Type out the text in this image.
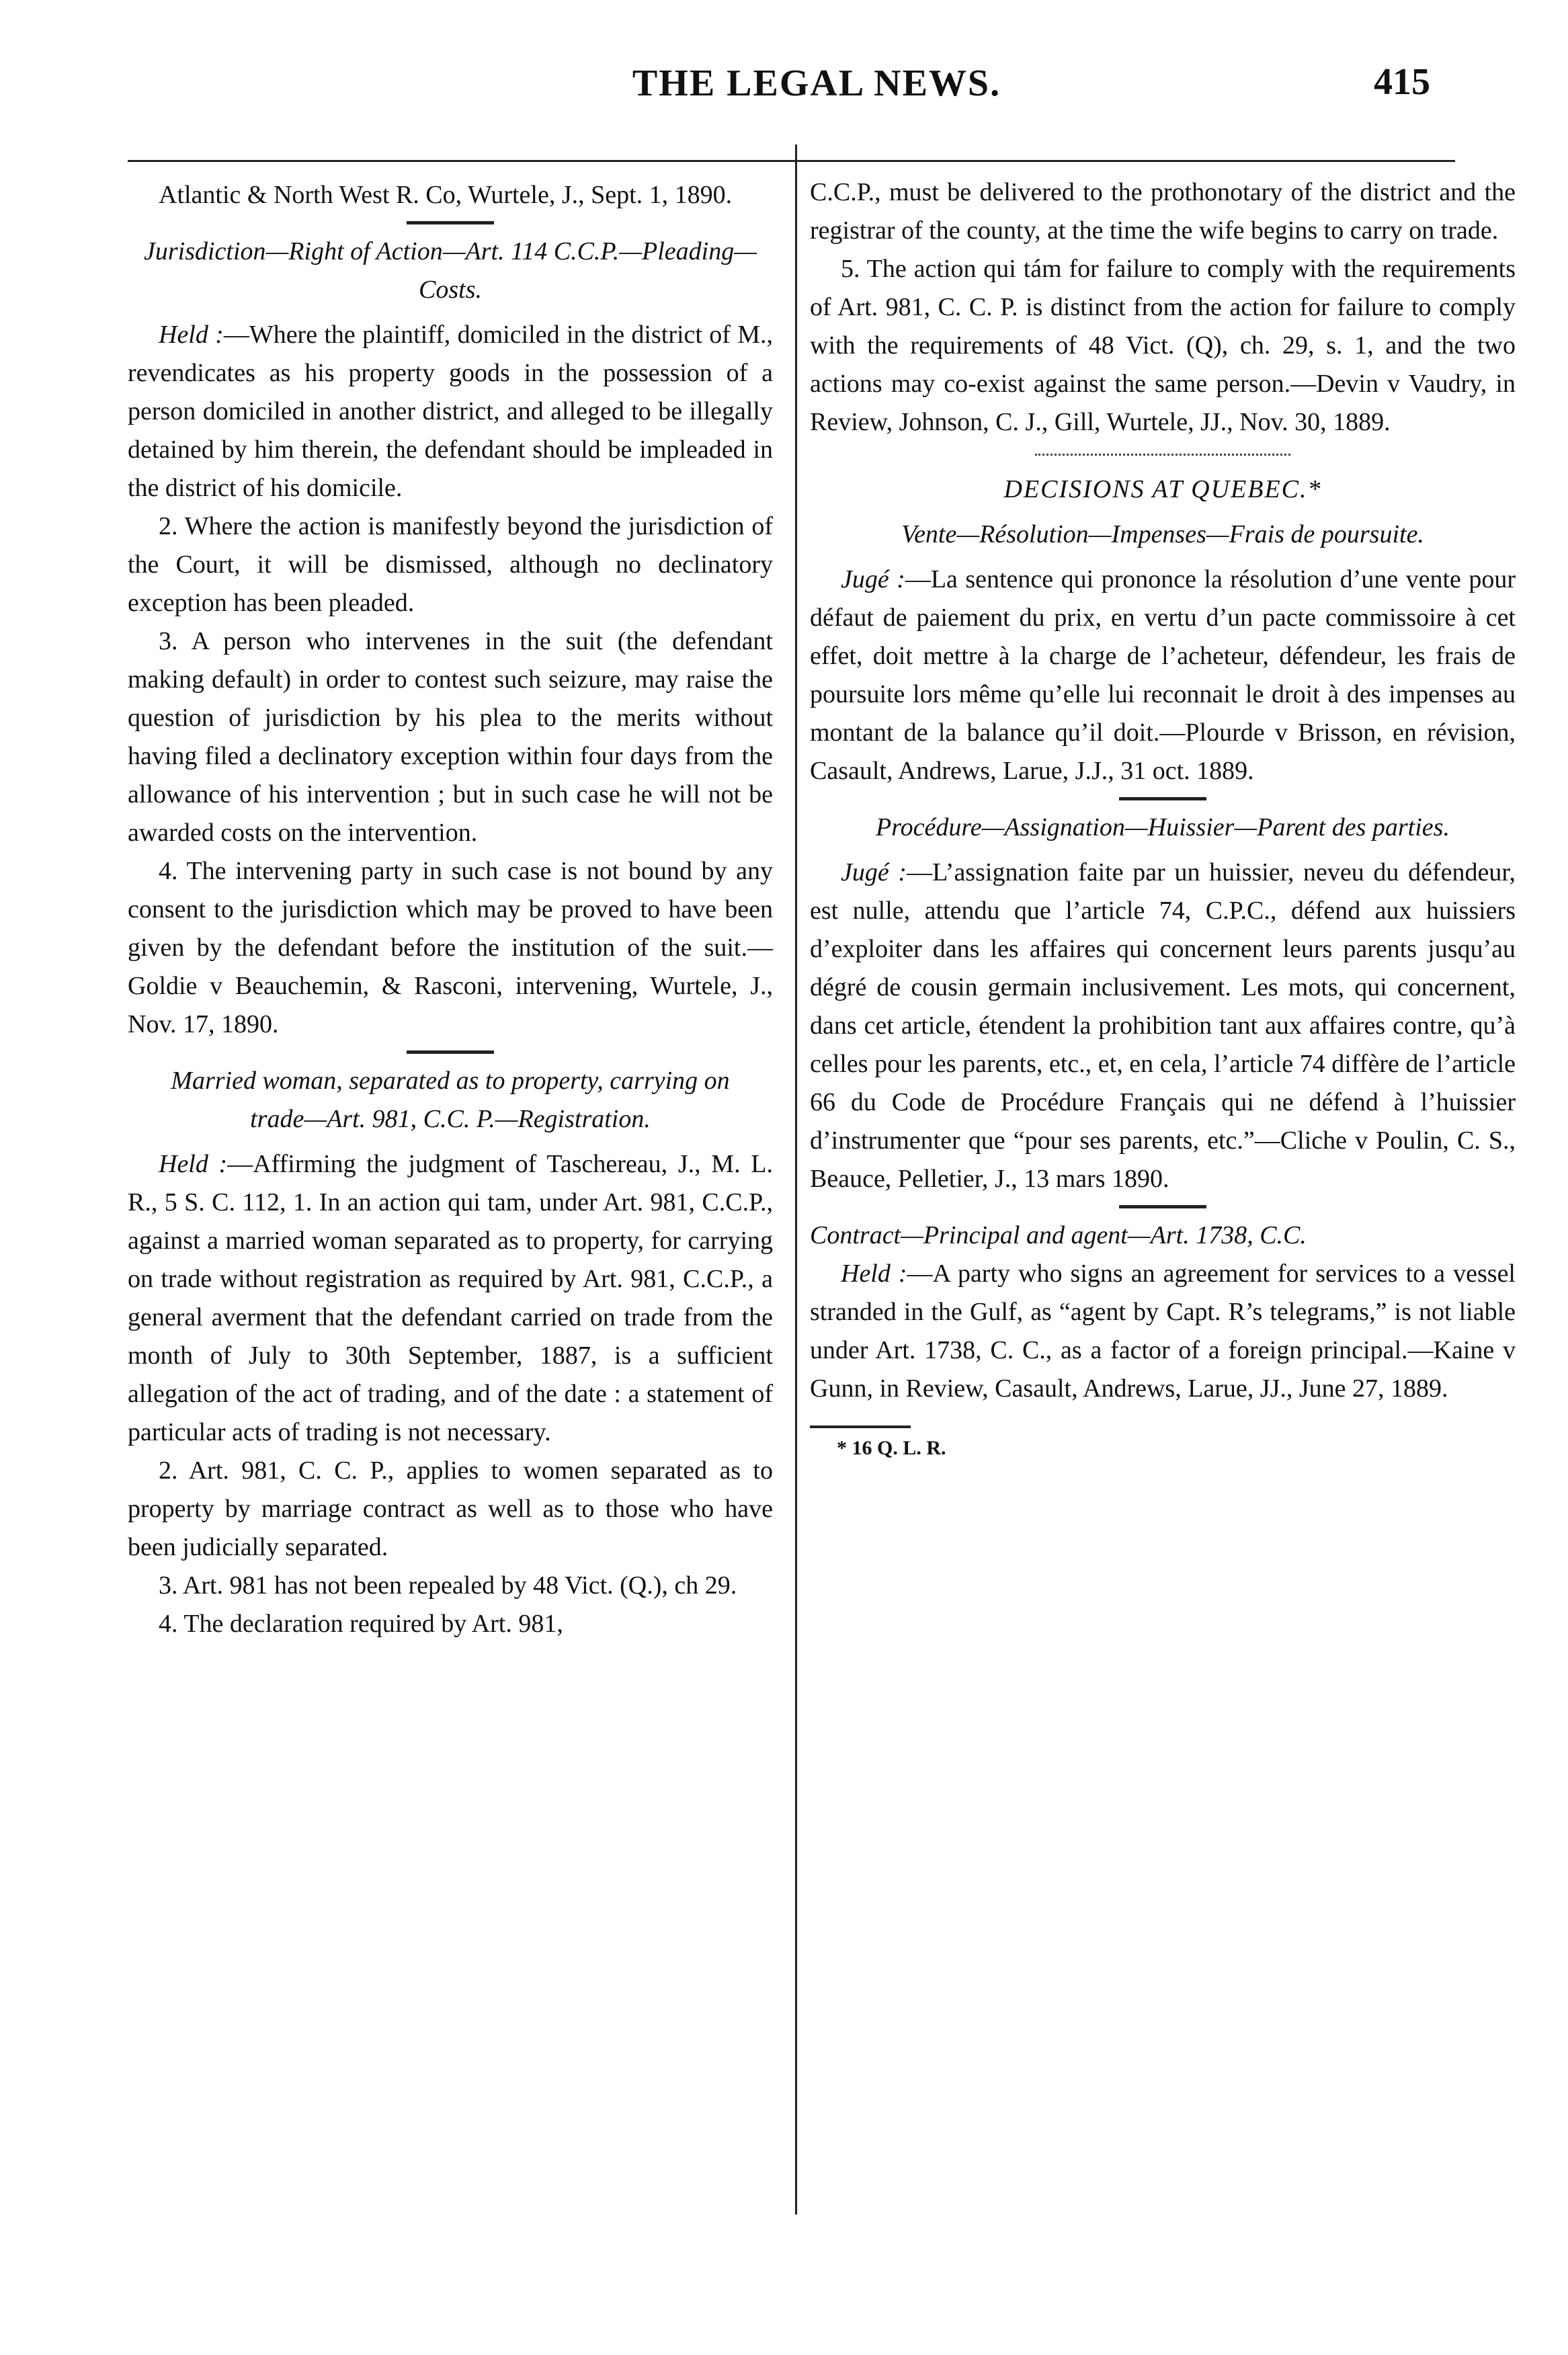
THE LEGAL NEWS.	415

Atlantic & North West R. Co, Wurtele, J., Sept. 1, 1890.

Jurisdiction—Right of Action—Art. 114 C.C.P.—Pleading—Costs.

Held :—Where the plaintiff, domiciled in the district of M., revendicates as his property goods in the possession of a person domiciled in another district, and alleged to be illegally detained by him therein, the defendant should be impleaded in the district of his domicile.

2. Where the action is manifestly beyond the jurisdiction of the Court, it will be dismissed, although no declinatory exception has been pleaded.

3. A person who intervenes in the suit (the defendant making default) in order to contest such seizure, may raise the question of jurisdiction by his plea to the merits without having filed a declinatory exception within four days from the allowance of his intervention ; but in such case he will not be awarded costs on the intervention.

4. The intervening party in such case is not bound by any consent to the jurisdiction which may be proved to have been given by the defendant before the institution of the suit.—Goldie v Beauchemin, & Rasconi, intervening, Wurtele, J., Nov. 17, 1890.

Married woman, separated as to property, carrying on trade—Art. 981, C.C. P.—Registration.

Held :—Affirming the judgment of Taschereau, J., M. L. R., 5 S. C. 112, 1. In an action qui tam, under Art. 981, C.C.P., against a married woman separated as to property, for carrying on trade without registration as required by Art. 981, C.C.P., a general averment that the defendant carried on trade from the month of July to 30th September, 1887, is a sufficient allegation of the act of trading, and of the date : a statement of particular acts of trading is not necessary.

2. Art. 981, C. C. P., applies to women separated as to property by marriage contract as well as to those who have been judicially separated.

3. Art. 981 has not been repealed by 48 Vict. (Q.), ch 29.

4. The declaration required by Art. 981,

C.C.P., must be delivered to the prothonotary of the district and the registrar of the county, at the time the wife begins to carry on trade.

5. The action qui tám for failure to comply with the requirements of Art. 981, C. C. P. is distinct from the action for failure to comply with the requirements of 48 Vict. (Q), ch. 29, s. 1, and the two actions may co-exist against the same person.—Devin v Vaudry, in Review, Johnson, C. J., Gill, Wurtele, JJ., Nov. 30, 1889.

DECISIONS AT QUEBEC.*

Vente—Résolution—Impenses—Frais de poursuite.

Jugé :—La sentence qui prononce la résolution d’une vente pour défaut de paiement du prix, en vertu d’un pacte commissoire à cet effet, doit mettre à la charge de l’acheteur, défendeur, les frais de poursuite lors même qu’elle lui reconnait le droit à des impenses au montant de la balance qu’il doit.—Plourde v Brisson, en révision, Casault, Andrews, Larue, J.J., 31 oct. 1889.

Procédure—Assignation—Huissier—Parent des parties.

Jugé :—L’assignation faite par un huissier, neveu du défendeur, est nulle, attendu que l’article 74, C.P.C., défend aux huissiers d’exploiter dans les affaires qui concernent leurs parents jusqu’au dégré de cousin germain inclusivement. Les mots, qui concernent, dans cet article, étendent la prohibition tant aux affaires contre, qu’à celles pour les parents, etc., et, en cela, l’article 74 diffère de l’article 66 du Code de Procédure Français qui ne défend à l’huissier d’instrumenter que “pour ses parents, etc.”—Cliche v Poulin, C. S., Beauce, Pelletier, J., 13 mars 1890.

Contract—Principal and agent—Art. 1738, C.C.

Held :—A party who signs an agreement for services to a vessel stranded in the Gulf, as “agent by Capt. R’s telegrams,” is not liable under Art. 1738, C. C., as a factor of a foreign principal.—Kaine v Gunn, in Review, Casault, Andrews, Larue, JJ., June 27, 1889.

* 16 Q. L. R.
